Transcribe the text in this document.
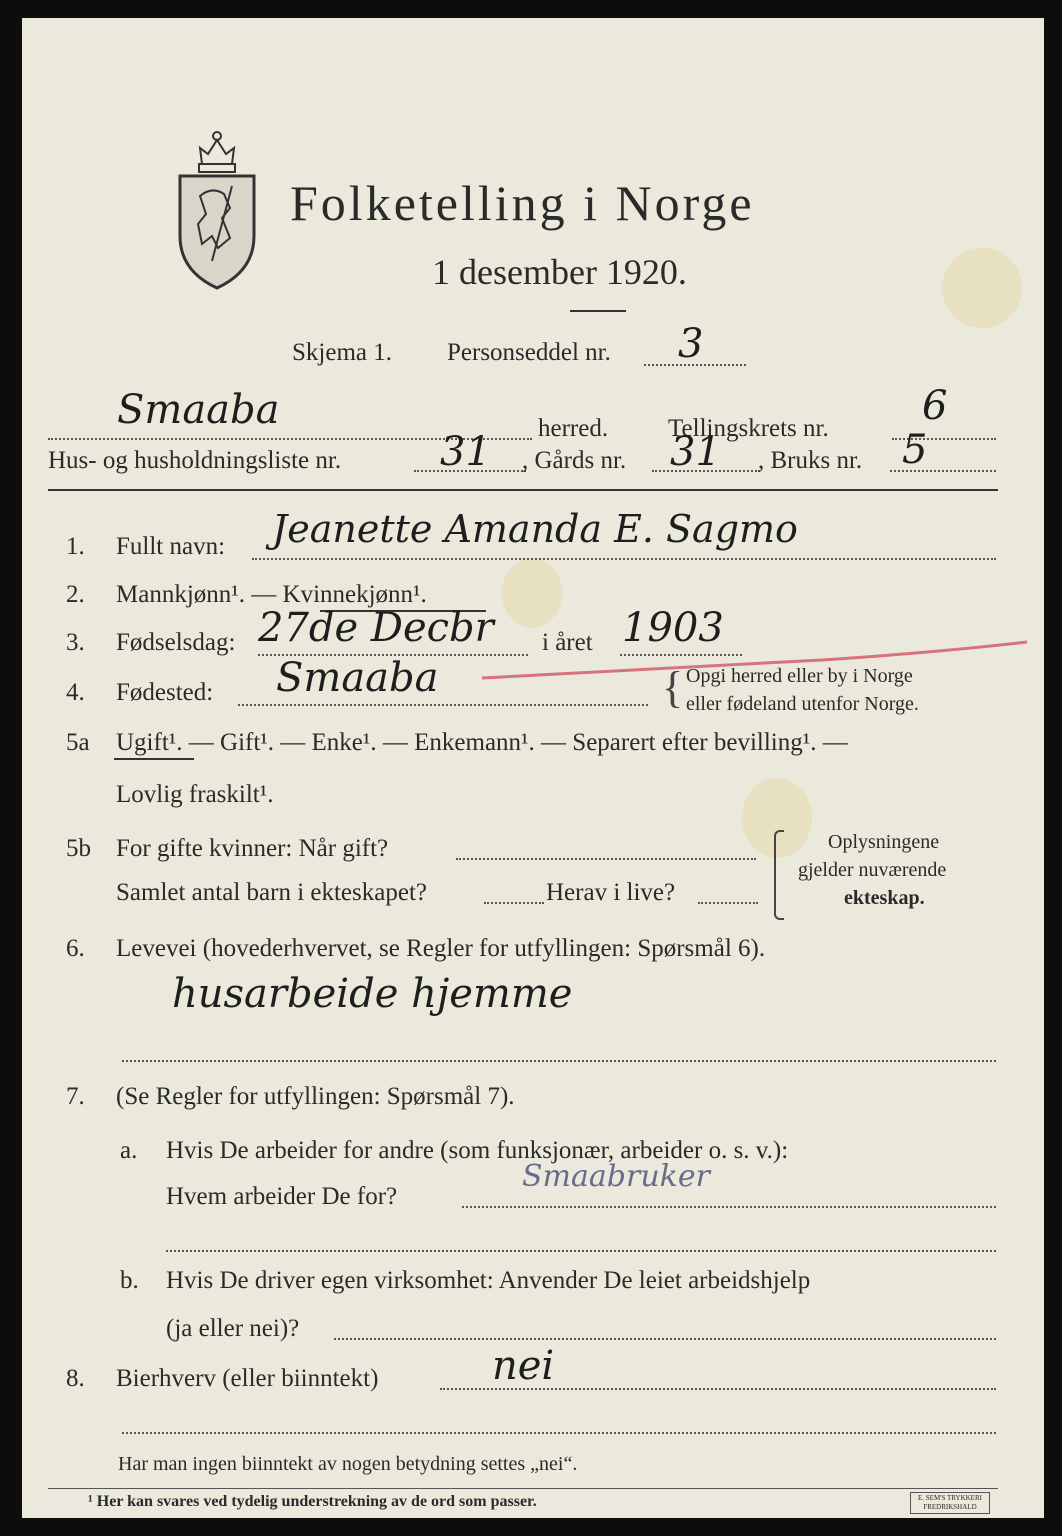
Folketelling i Norge
1 desember 1920.
Skjema 1. Personseddel nr. 3
Smaaba	herred. Tellingskrets nr. 6
Hus- og husholdningsliste nr. 31 , Gårds nr. 31 , Bruks nr. 5
1. Fullt navn: Jeanette Amanda E. Sagmo
2. Mannkjønn¹. — Kvinnekjønn¹.
3. Fødselsdag: 27de Decbr i året 1903
4. Fødested: Smaaba	{ Opgi herred eller by i Norge
eller fødeland utenfor Norge.
5a Ugift¹. — Gift¹. — Enke¹. — Enkemann¹. — Separert efter bevilling¹. —
Lovlig fraskilt¹.
5b For gifte kvinner: Når gift?
Samlet antal barn i ekteskapet?	Herav i live?
Oplysningene
gjelder nuværende
ekteskap.
6. Levevei (hovederhvervet, se Regler for utfyllingen: Spørsmål 6).
husarbeide hjemme
7. (Se Regler for utfyllingen: Spørsmål 7).
a. Hvis De arbeider for andre (som funksjonær, arbeider o. s. v.):
Hvem arbeider De for?
Smaabruker
b. Hvis De driver egen virksomhet: Anvender De leiet arbeidshjelp
(ja eller nei)?
8. Bierhverv (eller biinntekt)	nei
Har man ingen biinntekt av nogen betydning settes „nei“.
¹ Her kan svares ved tydelig understrekning av de ord som passer.	E. SEM'S TRYKKERI FREDRIKSHALD
